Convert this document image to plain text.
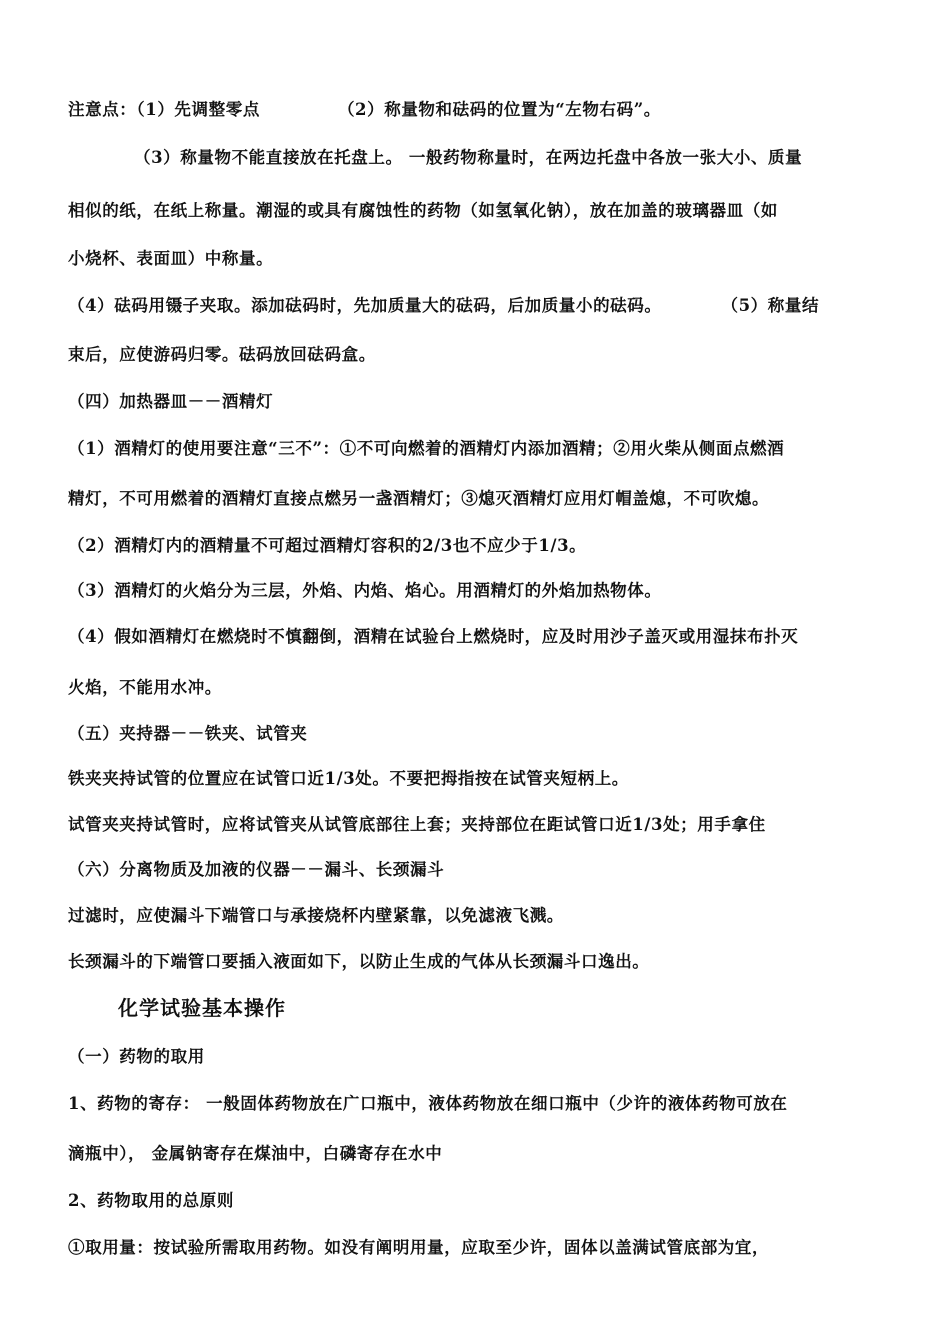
注意点：（1）先调整零点	（2）称量物和砝码的位置为“左物右码”。
（3）称量物不能直接放在托盘上。 一般药物称量时，在两边托盘中各放一张大小、质量
相似的纸，在纸上称量。潮湿的或具有腐蚀性的药物（如氢氧化钠），放在加盖的玻璃器皿（如
小烧杯、表面皿）中称量。
（4）砝码用镊子夹取。添加砝码时，先加质量大的砝码，后加质量小的砝码。	（5）称量结
束后，应使游码归零。砝码放回砝码盒。
（四）加热器皿－－酒精灯
（1）酒精灯的使用要注意“三不”：①不可向燃着的酒精灯内添加酒精；②用火柴从侧面点燃酒
精灯，不可用燃着的酒精灯直接点燃另一盏酒精灯；③熄灭酒精灯应用灯帽盖熄，不可吹熄。
（2）酒精灯内的酒精量不可超过酒精灯容积的2/3也不应少于1/3。
（3）酒精灯的火焰分为三层，外焰、内焰、焰心。用酒精灯的外焰加热物体。
（4）假如酒精灯在燃烧时不慎翻倒，酒精在试验台上燃烧时，应及时用沙子盖灭或用湿抹布扑灭
火焰，不能用水冲。
（五）夹持器－－铁夹、试管夹
铁夹夹持试管的位置应在试管口近1/3处。不要把拇指按在试管夹短柄上。
试管夹夹持试管时，应将试管夹从试管底部往上套；夹持部位在距试管口近1/3处；用手拿住
（六）分离物质及加液的仪器－－漏斗、长颈漏斗
过滤时，应使漏斗下端管口与承接烧杯内壁紧靠，以免滤液飞溅。
长颈漏斗的下端管口要插入液面如下，以防止生成的气体从长颈漏斗口逸出。
化学试验基本操作
（一）药物的取用
1、药物的寄存： 一般固体药物放在广口瓶中，液体药物放在细口瓶中（少许的液体药物可放在
滴瓶中）， 金属钠寄存在煤油中，白磷寄存在水中
2、药物取用的总原则
①取用量：按试验所需取用药物。如没有阐明用量，应取至少许，固体以盖满试管底部为宜，
